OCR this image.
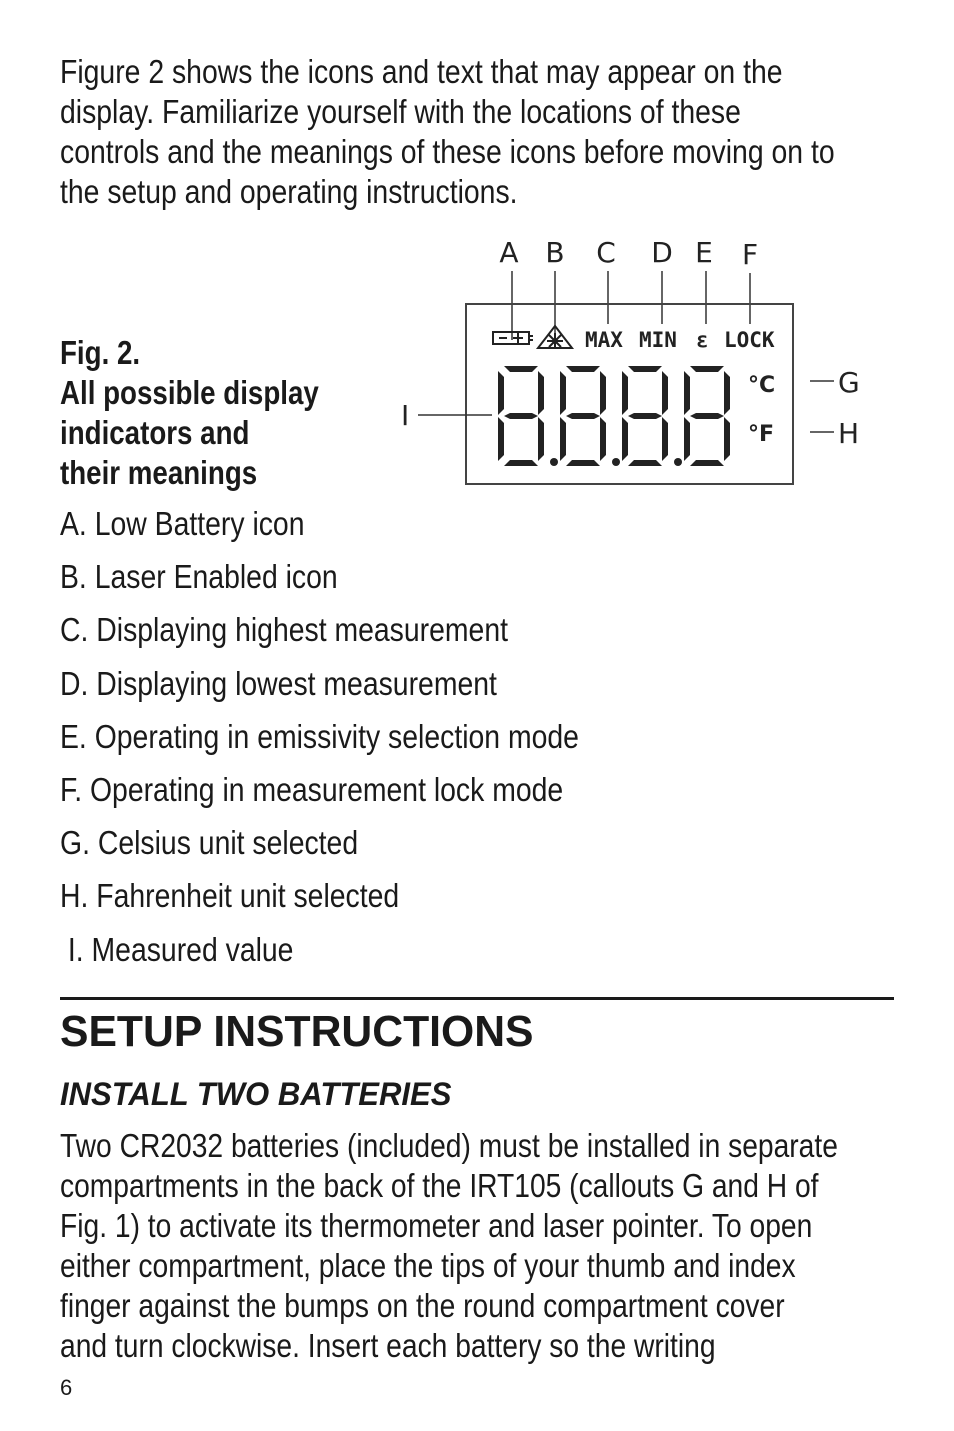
Figure 2 shows the icons and text that may appear on the
display. Familiarize yourself with the locations of these
controls and the meanings of these icons before moving on to
the setup and operating instructions.
Fig. 2.
All possible display
indicators and
their meanings
A B C D E F
MAX MIN ε LOCK
8.8.8.8
°C
°F
G
H
I
A. Low Battery icon
B. Laser Enabled icon
C. Displaying highest measurement
D. Displaying lowest measurement
E. Operating in emissivity selection mode
F. Operating in measurement lock mode
G. Celsius unit selected
H. Fahrenheit unit selected
I. Measured value
SETUP INSTRUCTIONS
INSTALL TWO BATTERIES
Two CR2032 batteries (included) must be installed in separate
compartments in the back of the IRT105 (callouts G and H of
Fig. 1) to activate its thermometer and laser pointer. To open
either compartment, place the tips of your thumb and index
finger against the bumps on the round compartment cover
and turn clockwise. Insert each battery so the writing
6
